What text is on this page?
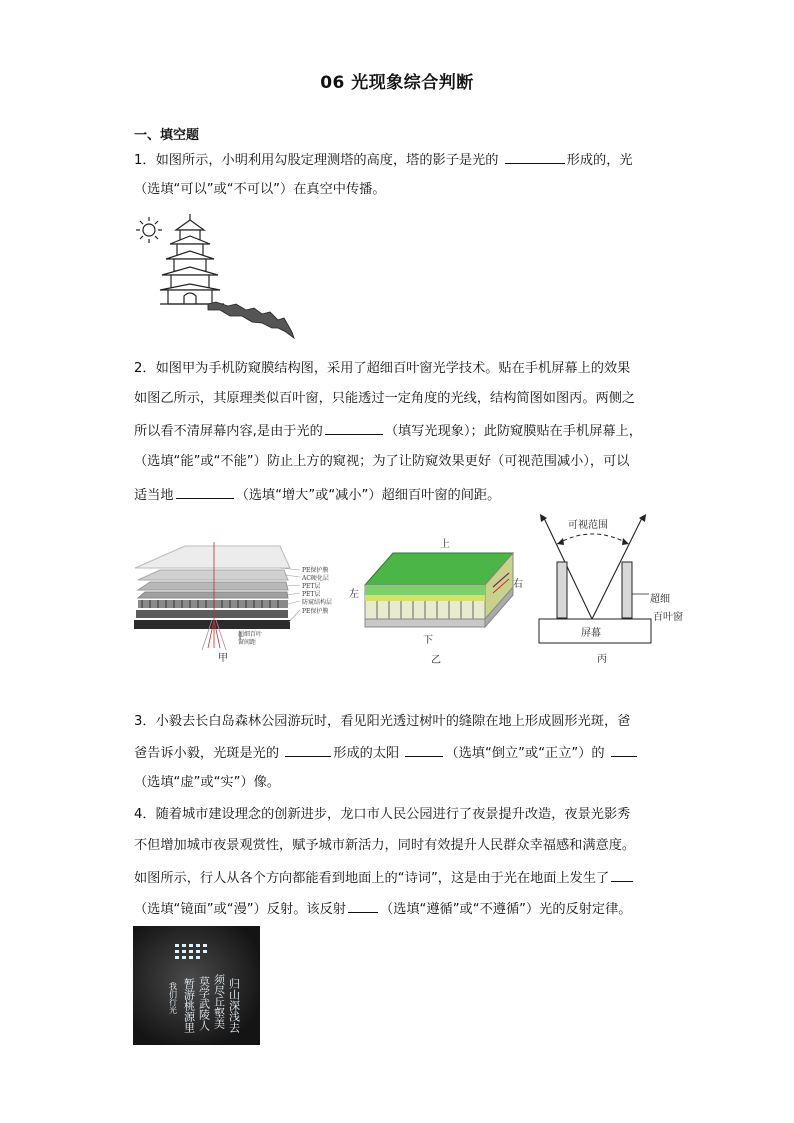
06 光现象综合判断
一、填空题
1．如图所示，小明利用勾股定理测塔的高度，塔的影子是光的	形成的，光
（选填“可以”或“不可以”）在真空中传播。
2．如图甲为手机防窥膜结构图，采用了超细百叶窗光学技术。贴在手机屏幕上的效果
如图乙所示，其原理类似百叶窗，只能透过一定角度的光线，结构简图如图丙。两侧之
所以看不清屏幕内容,是由于光的	（填写光现象）；此防窥膜贴在手机屏幕上，
（选填“能”或“不能”）防止上方的窥视；为了让防窥效果更好（可视范围减小），可以
适当地	（选填“增大”或“减小”）超细百叶窗的间距。
PE保护膜
AC硬化层
PET层
PET层
防窥结构层
PE保护膜
超细百叶
窗间距
甲
上
左
右
下
乙
可视范围
屏幕
超细
百叶窗
丙
3．小毅去长白岛森林公园游玩时，看见阳光透过树叶的缝隙在地上形成圆形光斑，爸
爸告诉小毅，光斑是光的	形成的太阳	（选填“倒立”或“正立”）的
（选填“虚”或“实”）像。
4．随着城市建设理念的创新进步，龙口市人民公园进行了夜景提升改造，夜景光影秀
不但增加城市夜景观赏性，赋予城市新活力，同时有效提升人民群众幸福感和满意度。
如图所示，行人从各个方向都能看到地面上的“诗词”，这是由于光在地面上发生了
（选填“镜面”或“漫”）反射。该反射	（选填“遵循”或“不遵循”）光的反射定律。
归山深浅去
须尽丘壑美
莫学武陵人
暂游桃源里
我们行光
